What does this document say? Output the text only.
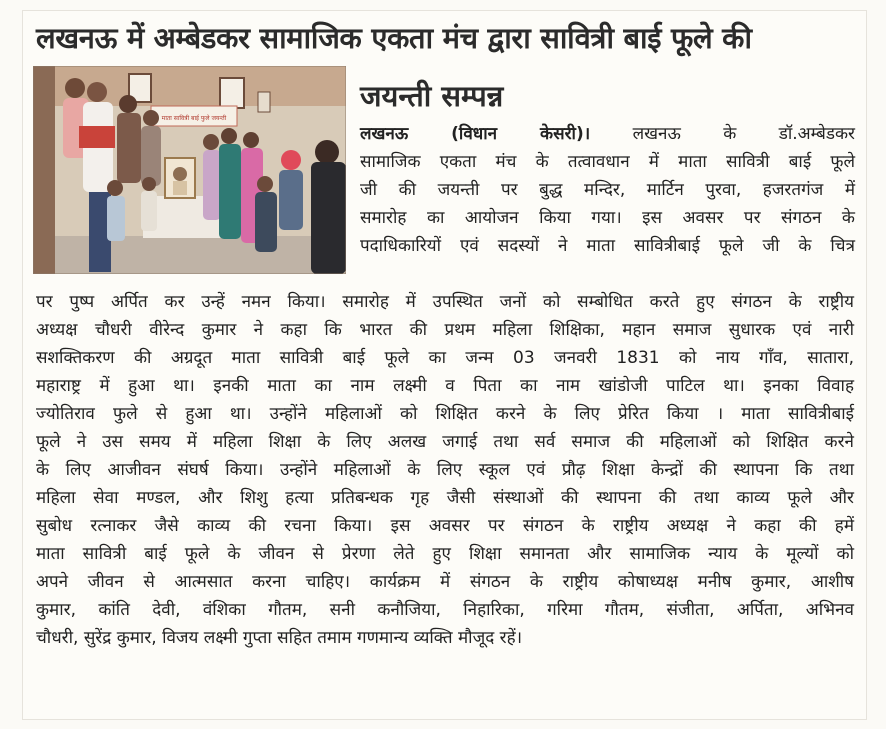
लखनऊ में अम्बेडकर सामाजिक एकता मंच द्वारा सावित्री बाई फूले की
माता सावित्री बाई फुले जयन्ती
जयन्ती सम्पन्न
लखनऊ (विधान केसरी)। लखनऊ के डॉ.अम्बेडकर
सामाजिक एकता मंच के तत्वावधान में माता सावित्री बाई फूले
जी की जयन्ती पर बुद्ध मन्दिर, मार्टिन पुरवा, हजरतगंज में
समारोह का आयोजन किया गया। इस अवसर पर संगठन के
पदाधिकारियों एवं सदस्यों ने माता सावित्रीबाई फूले जी के चित्र
पर पुष्प अर्पित कर उन्हें नमन किया। समारोह में उपस्थित जनों को सम्बोधित करते हुए संगठन के राष्ट्रीय
अध्यक्ष चौधरी वीरेन्द कुमार ने कहा कि भारत की प्रथम महिला शिक्षिका, महान समाज सुधारक एवं नारी
सशक्तिकरण की अग्रदूत माता सावित्री बाई फूले का जन्म 03 जनवरी 1831 को नाय गाँव, सातारा,
महाराष्ट्र में हुआ था। इनकी माता का नाम लक्ष्मी व पिता का नाम खांडोजी पाटिल था। इनका विवाह
ज्योतिराव फुले से हुआ था। उन्होंने महिलाओं को शिक्षित करने के लिए प्रेरित किया । माता सावित्रीबाई
फूले ने उस समय में महिला शिक्षा के लिए अलख जगाई तथा सर्व समाज की महिलाओं को शिक्षित करने
के लिए आजीवन संघर्ष किया। उन्होंने महिलाओं के लिए स्कूल एवं प्रौढ़ शिक्षा केन्द्रों की स्थापना कि तथा
महिला सेवा मण्डल, और शिशु हत्या प्रतिबन्धक गृह जैसी संस्थाओं की स्थापना की तथा काव्य फूले और
सुबोध रत्नाकर जैसे काव्य की रचना किया। इस अवसर पर संगठन के राष्ट्रीय अध्यक्ष ने कहा की हमें
माता सावित्री बाई फूले के जीवन से प्रेरणा लेते हुए शिक्षा समानता और सामाजिक न्याय के मूल्यों को
अपने जीवन से आत्मसात करना चाहिए। कार्यक्रम में संगठन के राष्ट्रीय कोषाध्यक्ष मनीष कुमार, आशीष
कुमार, कांति देवी, वंशिका गौतम, सनी कनौजिया, निहारिका, गरिमा गौतम, संजीता, अर्पिता, अभिनव
चौधरी, सुरेंद्र कुमार, विजय लक्ष्मी गुप्ता सहित तमाम गणमान्य व्यक्ति मौजूद रहें।
